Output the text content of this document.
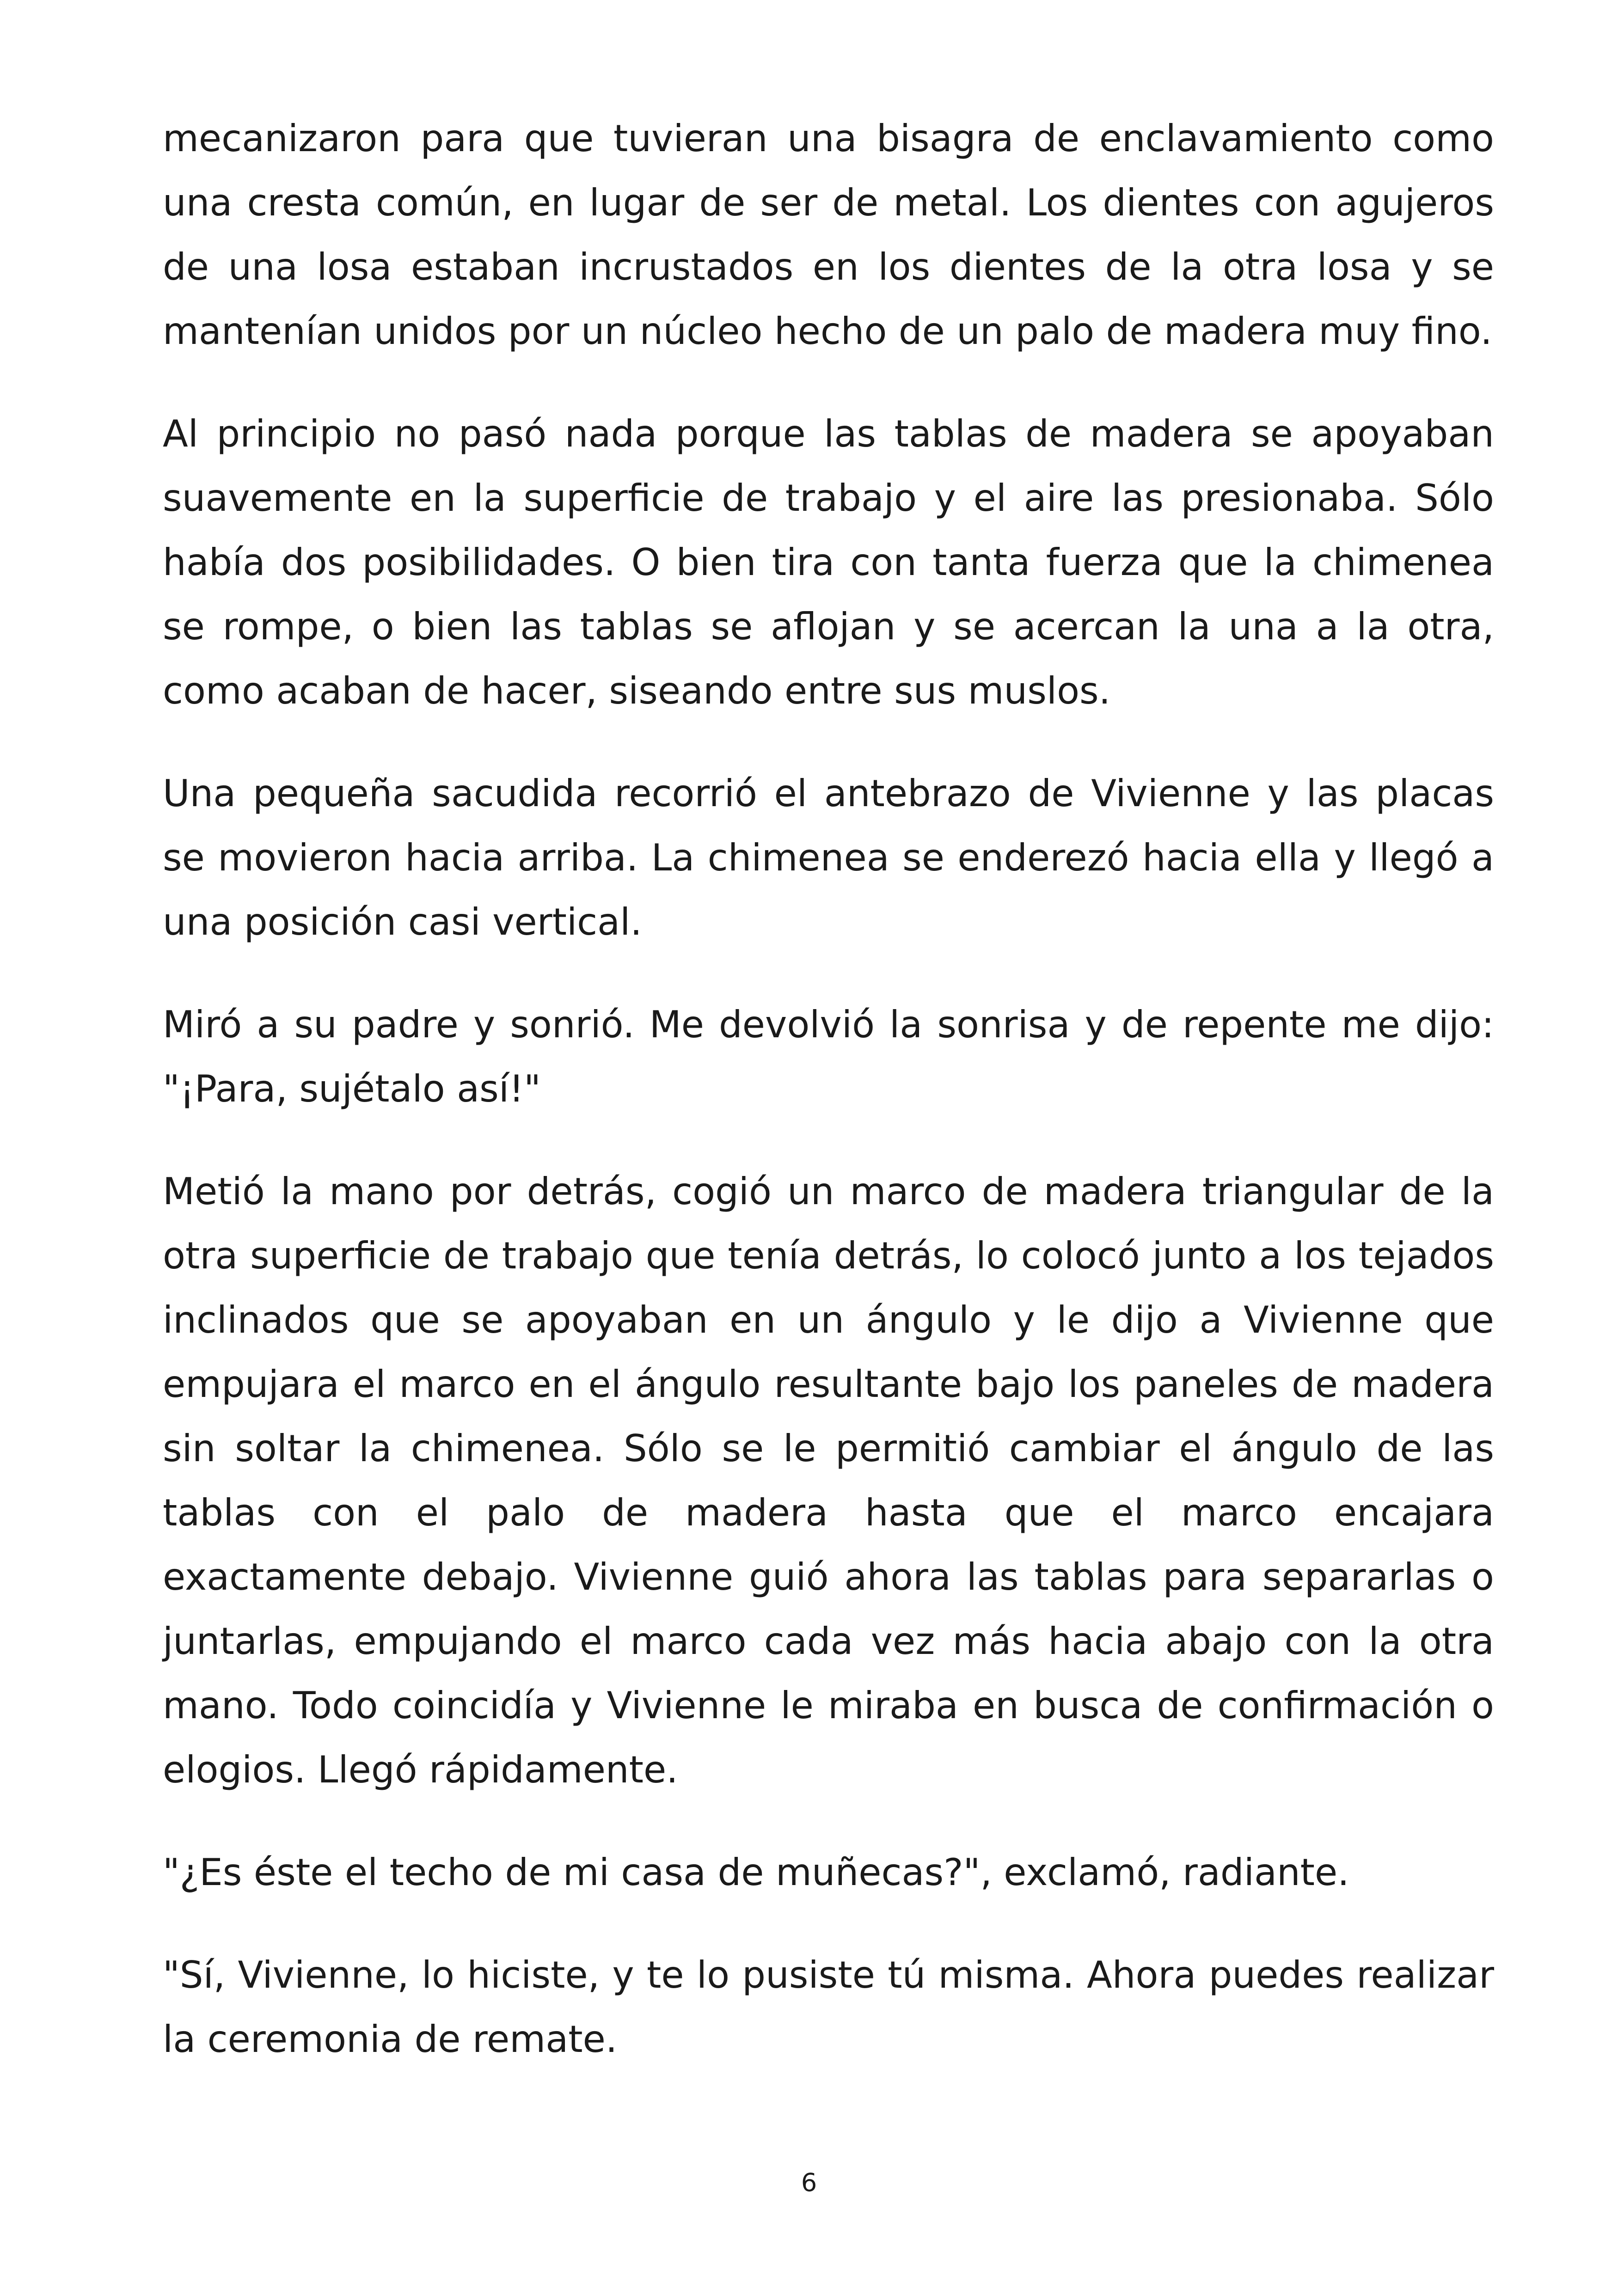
mecanizaron para que tuvieran una bisagra de enclavamiento como una cresta común, en lugar de ser de metal. Los dientes con agujeros de una losa estaban incrustados en los dientes de la otra losa y se mantenían unidos por un núcleo hecho de un palo de madera muy fino.

Al principio no pasó nada porque las tablas de madera se apoyaban suavemente en la superficie de trabajo y el aire las presionaba. Sólo había dos posibilidades. O bien tira con tanta fuerza que la chimenea se rompe, o bien las tablas se aflojan y se acercan la una a la otra, como acaban de hacer, siseando entre sus muslos.

Una pequeña sacudida recorrió el antebrazo de Vivienne y las placas se movieron hacia arriba. La chimenea se enderezó hacia ella y llegó a una posición casi vertical.

Miró a su padre y sonrió. Me devolvió la sonrisa y de repente me dijo: "¡Para, sujétalo así!"

Metió la mano por detrás, cogió un marco de madera triangular de la otra superficie de trabajo que tenía detrás, lo colocó junto a los tejados inclinados que se apoyaban en un ángulo y le dijo a Vivienne que empujara el marco en el ángulo resultante bajo los paneles de madera sin soltar la chimenea. Sólo se le permitió cambiar el ángulo de las tablas con el palo de madera hasta que el marco encajara exactamente debajo. Vivienne guió ahora las tablas para separarlas o juntarlas, empujando el marco cada vez más hacia abajo con la otra mano. Todo coincidía y Vivienne le miraba en busca de confirmación o elogios. Llegó rápidamente.

"¿Es éste el techo de mi casa de muñecas?", exclamó, radiante.

"Sí, Vivienne, lo hiciste, y te lo pusiste tú misma. Ahora puedes realizar la ceremonia de remate.

6
